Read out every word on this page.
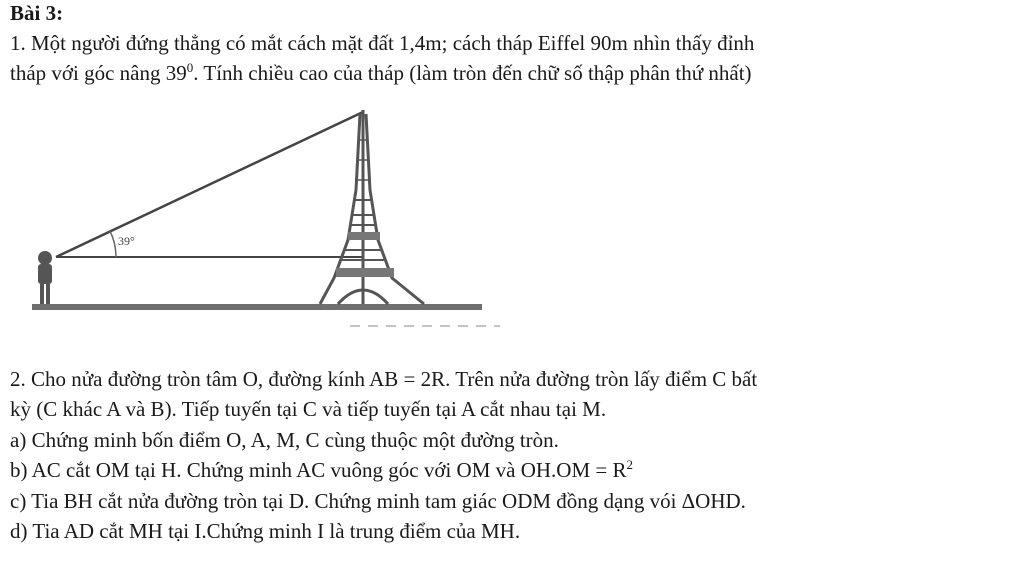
Bài 3:
1. Một người đứng thẳng có mắt cách mặt đất 1,4m; cách tháp Eiffel 90m nhìn thấy đỉnh
tháp với góc nâng $39^0$. Tính chiều cao của tháp (làm tròn đến chữ số thập phân thứ nhất)
39°
2. Cho nửa đường tròn tâm O, đường kính AB = 2R. Trên nửa đường tròn lấy điểm C bất
kỳ (C khác A và B). Tiếp tuyến tại C và tiếp tuyến tại A cắt nhau tại M.
a) Chứng minh bốn điểm O, A, M, C cùng thuộc một đường tròn.
b) AC cắt OM tại H. Chứng minh AC vuông góc với OM và $OH.OM = R^2$
c) Tia BH cắt nửa đường tròn tại D. Chứng minh tam giác ODM đồng dạng vói ΔOHD.
d) Tia AD cắt MH tại I.Chứng minh I là trung điểm của MH.
